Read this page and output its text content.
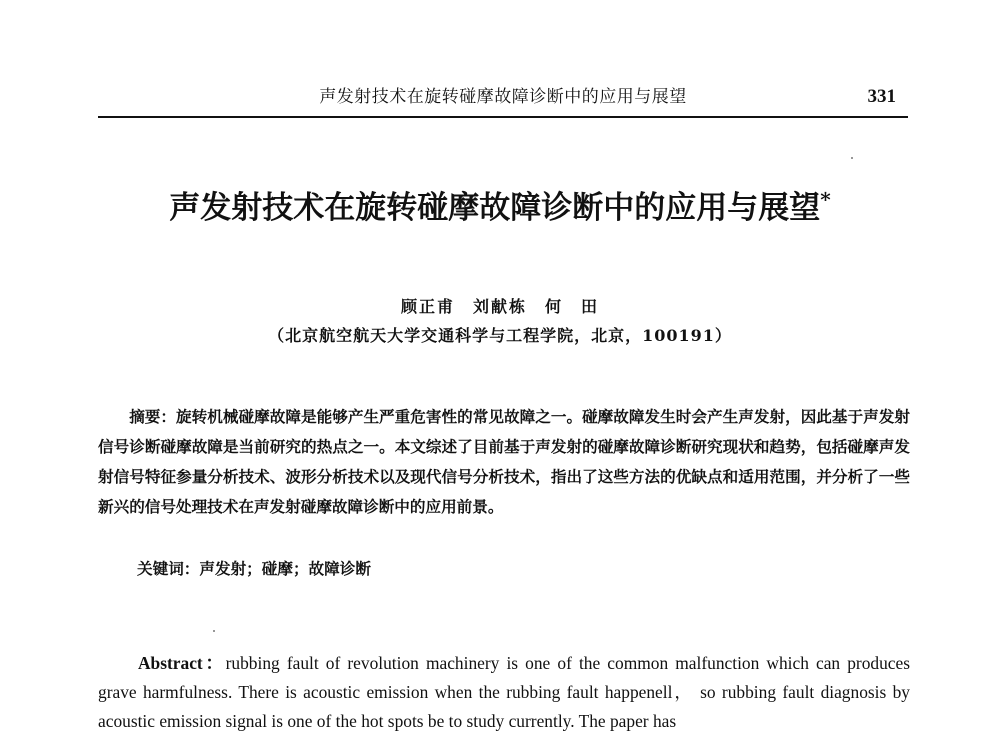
声发射技术在旋转碰摩故障诊断中的应用与展望	331
声发射技术在旋转碰摩故障诊断中的应用与展望*
顾正甫　刘献栋　何　田
（北京航空航天大学交通科学与工程学院，北京，100191）

摘要：旋转机械碰摩故障是能够产生严重危害性的常见故障之一。碰摩故障发生时会产生声发射，因此基于声发射信号诊断碰摩故障是当前研究的热点之一。本文综述了目前基于声发射的碰摩故障诊断研究现状和趋势，包括碰摩声发射信号特征参量分析技术、波形分析技术以及现代信号分析技术，指出了这些方法的优缺点和适用范围，并分析了一些新兴的信号处理技术在声发射碰摩故障诊断中的应用前景。

关键词：声发射；碰摩；故障诊断

Abstract：rubbing fault of revolution machinery is one of the common malfunction which can produces grave harmfulness. There is acoustic emission when the rubbing fault happenell， so rubbing fault diagnosis by acoustic emission signal is one of the hot spots be to study currently. The paper has
